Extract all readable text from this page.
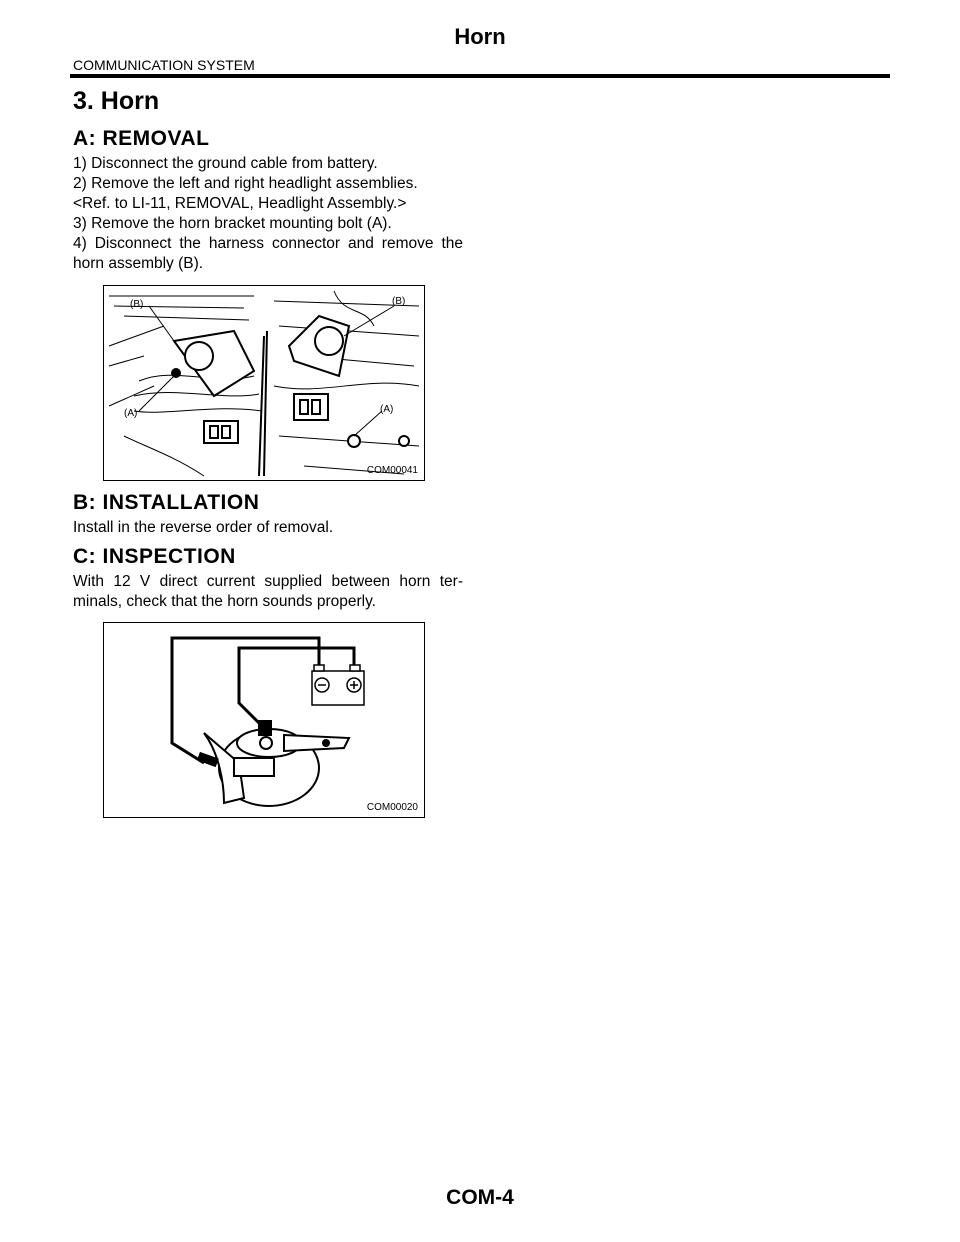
Horn
COMMUNICATION SYSTEM
3. Horn
A: REMOVAL

1) Disconnect the ground cable from battery.

2) Remove the left and right headlight assemblies.

<Ref. to LI-11, REMOVAL, Headlight Assembly.>

3) Remove the horn bracket mounting bolt (A).

4) Disconnect the harness connector and remove the horn assembly (B).

(B)	(B)
(A)	(A)
COM00041
B: INSTALLATION

Install in the reverse order of removal.

C: INSPECTION

With 12 V direct current supplied between horn ter-minals, check that the horn sounds properly.

COM00020
COM-4
